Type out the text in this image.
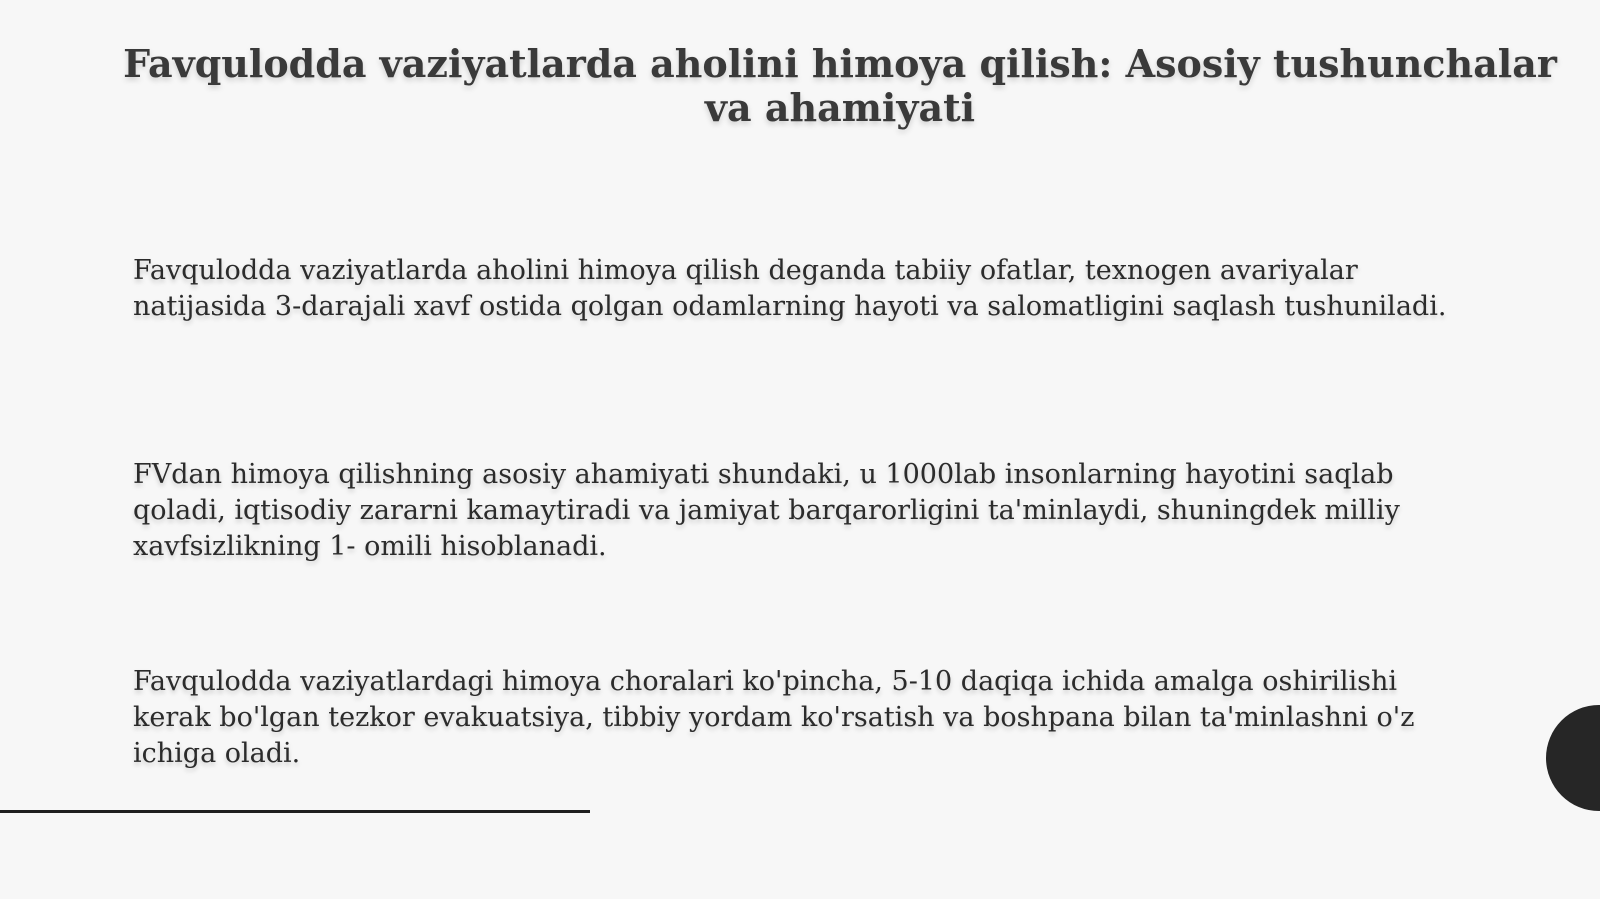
Favqulodda vaziyatlarda aholini himoya qilish: Asosiy tushunchalar va ahamiyati

Favqulodda vaziyatlarda aholini himoya qilish deganda tabiiy ofatlar, texnogen avariyalar natijasida 3-darajali xavf ostida qolgan odamlarning hayoti va salomatligini saqlash tushuniladi.

FVdan himoya qilishning asosiy ahamiyati shundaki, u 1000lab insonlarning hayotini saqlab qoladi, iqtisodiy zararni kamaytiradi va jamiyat barqarorligini ta'minlaydi, shuningdek milliy xavfsizlikning 1- omili hisoblanadi.

Favqulodda vaziyatlardagi himoya choralari ko'pincha, 5-10 daqiqa ichida amalga oshirilishi kerak bo'lgan tezkor evakuatsiya, tibbiy yordam ko'rsatish va boshpana bilan ta'minlashni o'z ichiga oladi.
